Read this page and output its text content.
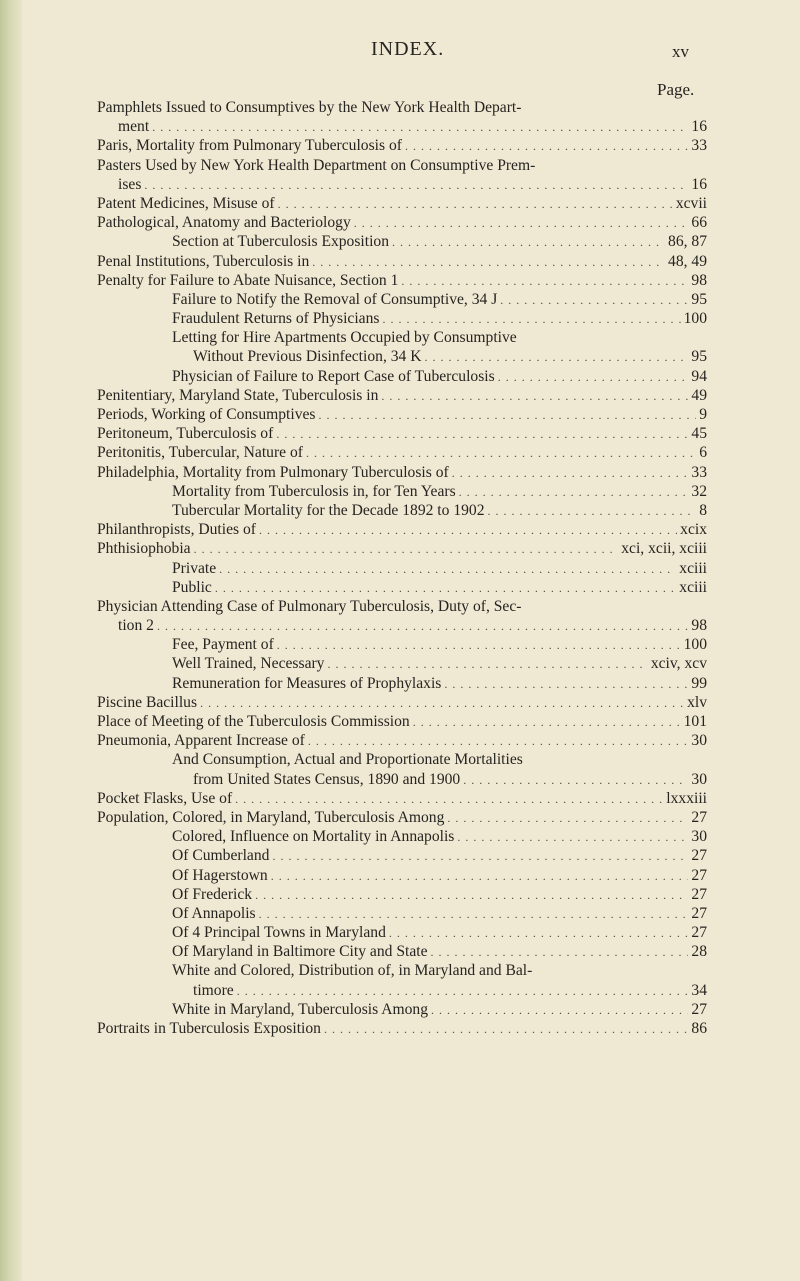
INDEX.	xv
Page.
Pamphlets Issued to Consumptives by the New York Health Depart-
ment . . .	16
Paris, Mortality from Pulmonary Tuberculosis of . . .	33
Pasters Used by New York Health Department on Consumptive Prem-
ises . . .	16
Patent Medicines, Misuse of . . .	xcvii
Pathological, Anatomy and Bacteriology . . .	66
Section at Tuberculosis Exposition . . .	86, 87
Penal Institutions, Tuberculosis in . . .	48, 49
Penalty for Failure to Abate Nuisance, Section 1 . . .	98
Failure to Notify the Removal of Consumptive, 34 J . . .	95
Fraudulent Returns of Physicians . . .	100
Letting for Hire Apartments Occupied by Consumptive
Without Previous Disinfection, 34 K . . .	95
Physician of Failure to Report Case of Tuberculosis . . .	94
Penitentiary, Maryland State, Tuberculosis in . . .	49
Periods, Working of Consumptives . . .	9
Peritoneum, Tuberculosis of . . .	45
Peritonitis, Tubercular, Nature of . . .	6
Philadelphia, Mortality from Pulmonary Tuberculosis of . . .	33
Mortality from Tuberculosis in, for Ten Years . . .	32
Tubercular Mortality for the Decade 1892 to 1902 . . .	8
Philanthropists, Duties of . . .	xcix
Phthisiophobia . . .	xci, xcii, xciii
Private . . .	xciii
Public . . .	xciii
Physician Attending Case of Pulmonary Tuberculosis, Duty of, Sec-
tion 2 . . .	98
Fee, Payment of . . .	100
Well Trained, Necessary . . .	xciv, xcv
Remuneration for Measures of Prophylaxis . . .	99
Piscine Bacillus . . .	xlv
Place of Meeting of the Tuberculosis Commission . . .	101
Pneumonia, Apparent Increase of . . .	30
And Consumption, Actual and Proportionate Mortalities
from United States Census, 1890 and 1900 . . .	30
Pocket Flasks, Use of . . .	lxxxiii
Population, Colored, in Maryland, Tuberculosis Among . . .	27
Colored, Influence on Mortality in Annapolis . . .	30
Of Cumberland . . .	27
Of Hagerstown . . .	27
Of Frederick . . .	27
Of Annapolis . . .	27
Of 4 Principal Towns in Maryland . . .	27
Of Maryland in Baltimore City and State . . .	28
White and Colored, Distribution of, in Maryland and Bal-
timore . . .	34
White in Maryland, Tuberculosis Among . . .	27
Portraits in Tuberculosis Exposition . . .	86
